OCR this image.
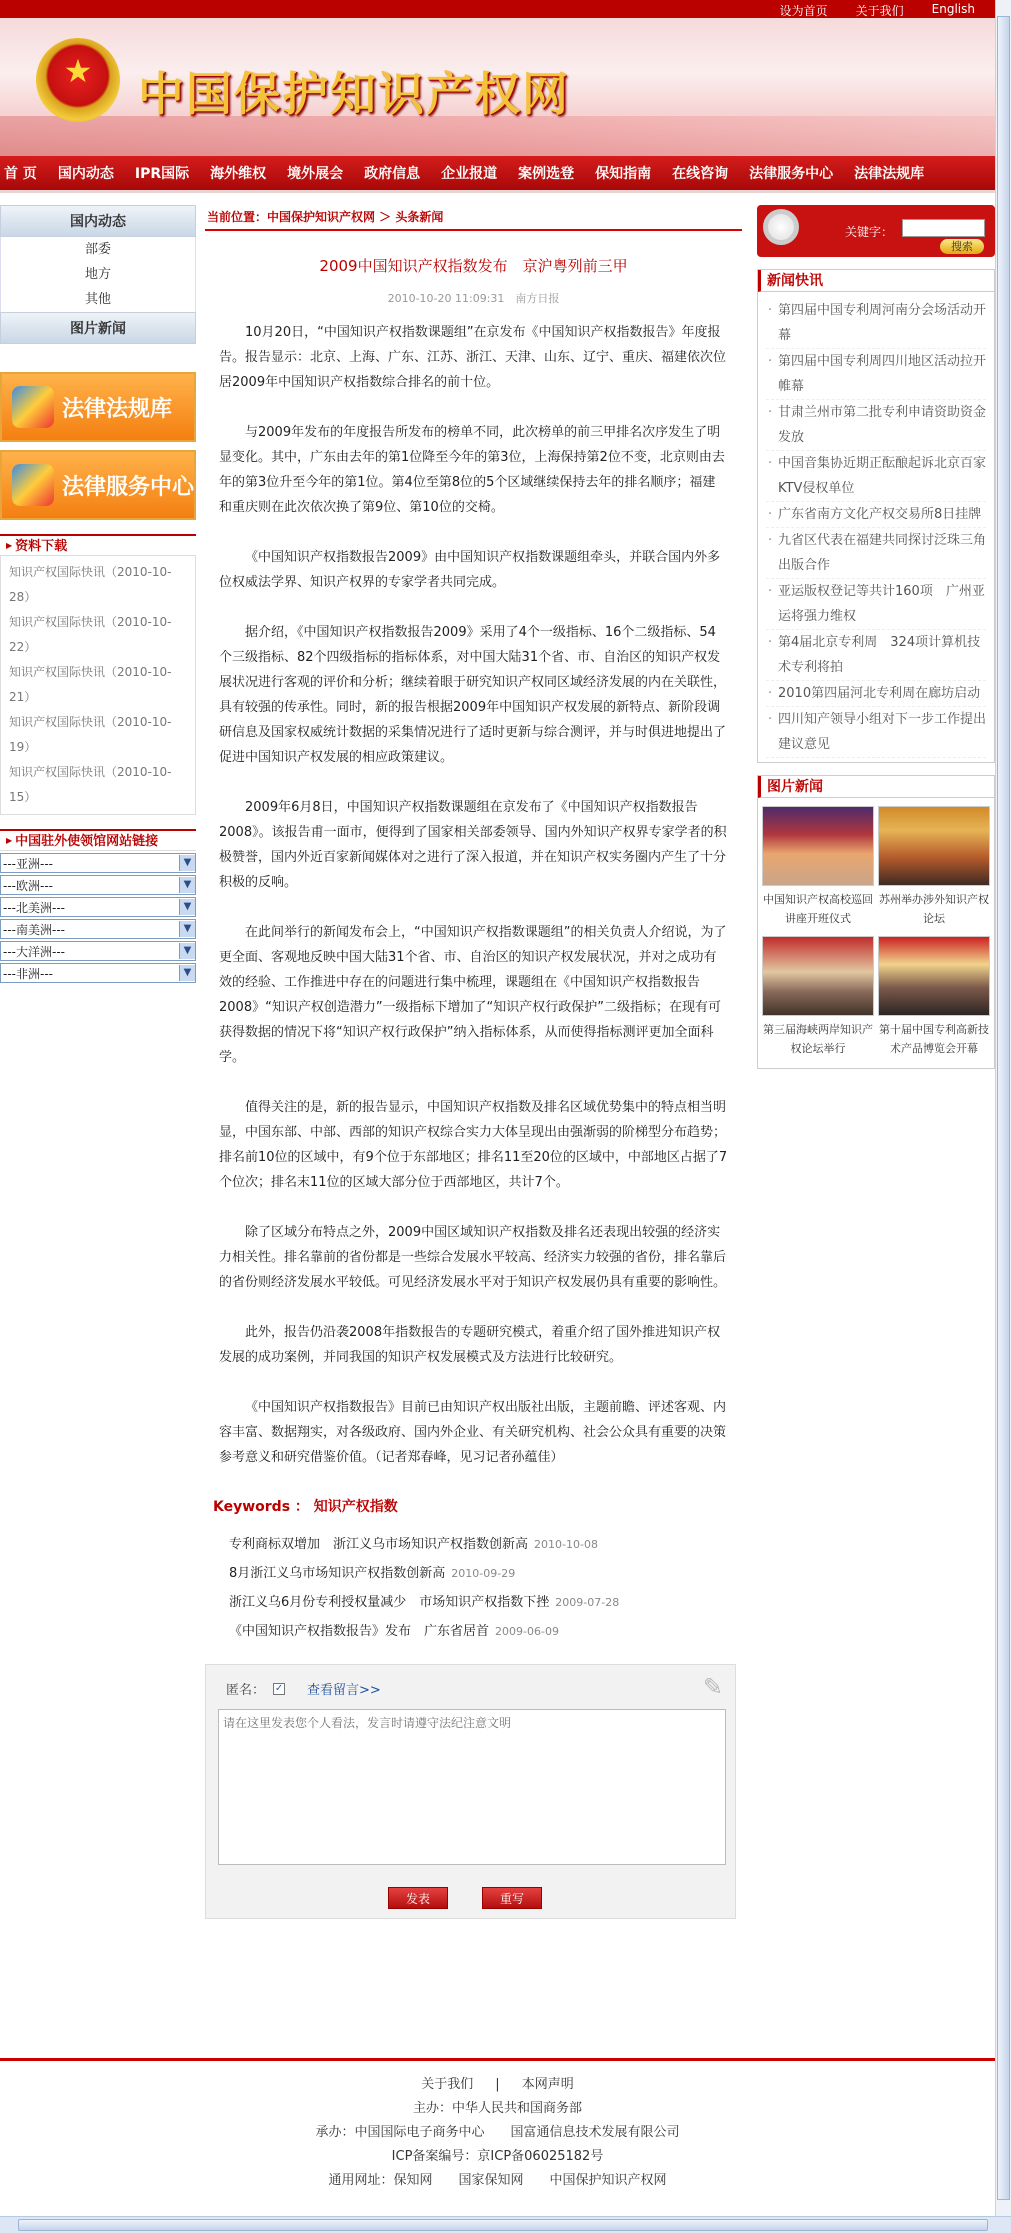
设为首页 关于我们 English
★ 中国保护知识产权网
首 页 国内动态 IPR国际 海外维权 境外展会 政府信息 企业报道 案例选登 保知指南 在线咨询 法律服务中心 法律法规库
国内动态
部委
地方
其他
图片新闻
法律法规库
法律服务中心
▶ 资料下载
知识产权国际快讯（2010-10-28）
知识产权国际快讯（2010-10-22）
知识产权国际快讯（2010-10-21）
知识产权国际快讯（2010-10-19）
知识产权国际快讯（2010-10-15）
▶ 中国驻外使领馆网站链接
---亚洲---	▼
---欧洲---	▼
---北美洲---	▼
---南美洲---	▼
---大洋洲---	▼
---非洲---	▼
当前位置：中国保护知识产权网 ＞ 头条新闻
2009中国知识产权指数发布　京沪粤列前三甲
2010-10-20 11:09:31　南方日报

10月20日，“中国知识产权指数课题组”在京发布《中国知识产权指数报告》年度报告。报告显示：北京、上海、广东、江苏、浙江、天津、山东、辽宁、重庆、福建依次位居2009年中国知识产权指数综合排名的前十位。

与2009年发布的年度报告所发布的榜单不同，此次榜单的前三甲排名次序发生了明显变化。其中，广东由去年的第1位降至今年的第3位，上海保持第2位不变，北京则由去年的第3位升至今年的第1位。第4位至第8位的5个区域继续保持去年的排名顺序；福建和重庆则在此次依次换了第9位、第10位的交椅。

《中国知识产权指数报告2009》由中国知识产权指数课题组牵头，并联合国内外多位权威法学界、知识产权界的专家学者共同完成。

据介绍，《中国知识产权指数报告2009》采用了4个一级指标、16个二级指标、54个三级指标、82个四级指标的指标体系，对中国大陆31个省、市、自治区的知识产权发展状况进行客观的评价和分析；继续着眼于研究知识产权同区域经济发展的内在关联性，具有较强的传承性。同时，新的报告根据2009年中国知识产权发展的新特点、新阶段调研信息及国家权威统计数据的采集情况进行了适时更新与综合测评，并与时俱进地提出了促进中国知识产权发展的相应政策建议。

2009年6月8日，中国知识产权指数课题组在京发布了《中国知识产权指数报告2008》。该报告甫一面市，便得到了国家相关部委领导、国内外知识产权界专家学者的积极赞誉，国内外近百家新闻媒体对之进行了深入报道，并在知识产权实务圈内产生了十分积极的反响。

在此间举行的新闻发布会上，“中国知识产权指数课题组”的相关负责人介绍说，为了更全面、客观地反映中国大陆31个省、市、自治区的知识产权发展状况，并对之成功有效的经验、工作推进中存在的问题进行集中梳理，课题组在《中国知识产权指数报告2008》“知识产权创造潜力”一级指标下增加了“知识产权行政保护”二级指标；在现有可获得数据的情况下将“知识产权行政保护”纳入指标体系，从而使得指标测评更加全面科学。

值得关注的是，新的报告显示，中国知识产权指数及排名区域优势集中的特点相当明显，中国东部、中部、西部的知识产权综合实力大体呈现出由强渐弱的阶梯型分布趋势；排名前10位的区域中，有9个位于东部地区；排名11至20位的区域中，中部地区占据了7个位次；排名末11位的区域大部分位于西部地区，共计7个。

除了区域分布特点之外，2009中国区域知识产权指数及排名还表现出较强的经济实力相关性。排名靠前的省份都是一些综合发展水平较高、经济实力较强的省份，排名靠后的省份则经济发展水平较低。可见经济发展水平对于知识产权发展仍具有重要的影响性。

此外，报告仍沿袭2008年指数报告的专题研究模式，着重介绍了国外推进知识产权发展的成功案例，并同我国的知识产权发展模式及方法进行比较研究。

《中国知识产权指数报告》目前已由知识产权出版社出版，主题前瞻、评述客观、内容丰富、数据翔实，对各级政府、国内外企业、有关研究机构、社会公众具有重要的决策参考意义和研究借鉴价值。（记者郑春峰，见习记者孙蕴佳）

Keywords ： 知识产权指数
专利商标双增加　浙江义乌市场知识产权指数创新高 2010-10-08
8月浙江义乌市场知识产权指数创新高 2010-09-29
浙江义乌6月份专利授权量减少　市场知识产权指数下挫 2009-07-28
《中国知识产权指数报告》发布　广东省居首 2009-06-09
匿名： ✓ 查看留言>>	✎
请在这里发表您个人看法，发言时请遵守法纪注意文明
发表	重写
关键字：
搜索
新闻快讯
· 第四届中国专利周河南分会场活动开幕
· 第四届中国专利周四川地区活动拉开帷幕
· 甘肃兰州市第二批专利申请资助资金发放
· 中国音集协近期正酝酿起诉北京百家KTV侵权单位
· 广东省南方文化产权交易所8日挂牌
· 九省区代表在福建共同探讨泛珠三角出版合作
· 亚运版权登记等共计160项　广州亚运将强力维权
· 第4届北京专利周　324项计算机技术专利将拍
· 2010第四届河北专利周在廊坊启动
· 四川知产领导小组对下一步工作提出建议意见
图片新闻
中国知识产权高校巡回讲座开班仪式
苏州举办涉外知识产权论坛
第三届海峡两岸知识产权论坛举行
第十届中国专利高新技术产品博览会开幕
关于我们 | 本网声明
主办：中华人民共和国商务部
承办：中国国际电子商务中心　　国富通信息技术发展有限公司
ICP备案编号：京ICP备06025182号
通用网址：保知网　　国家保知网　　中国保护知识产权网
